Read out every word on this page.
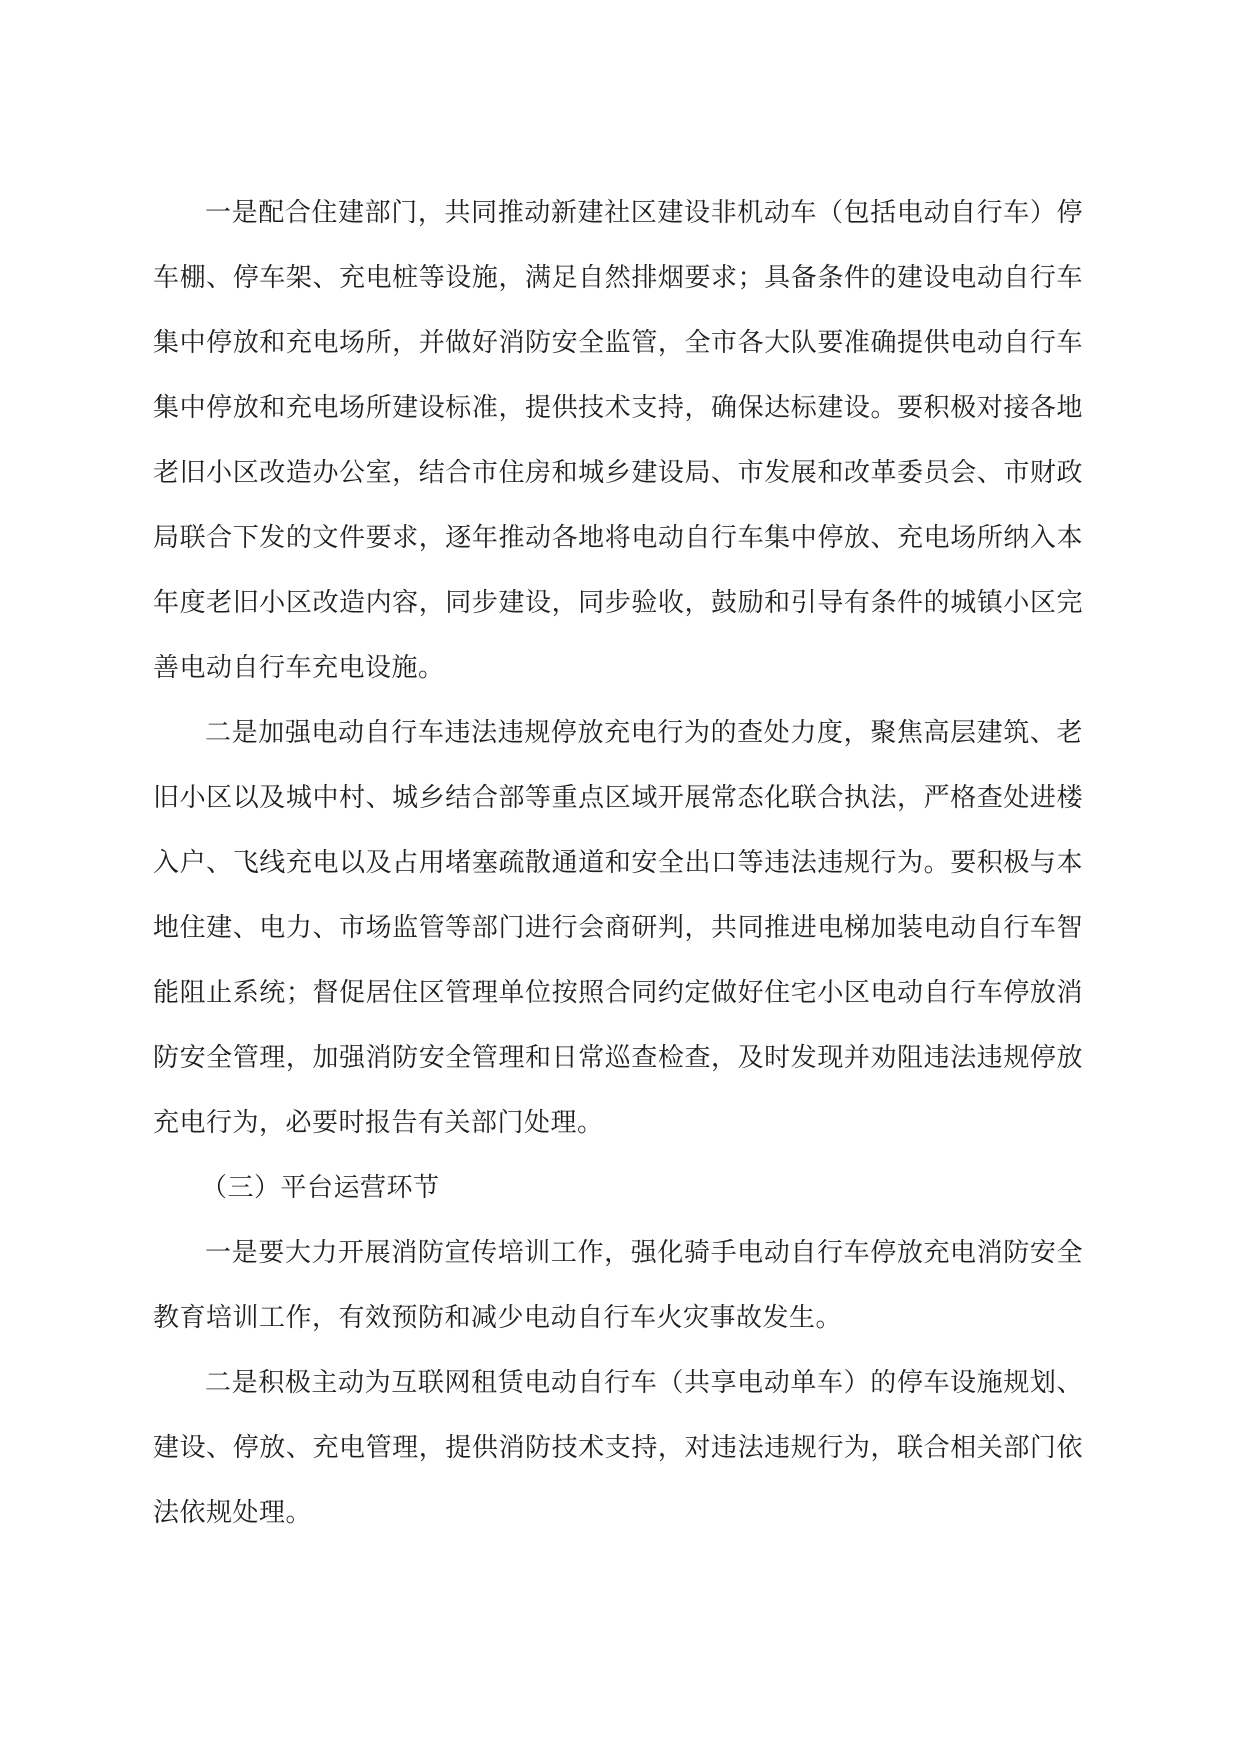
一是配合住建部门，共同推动新建社区建设非机动车（包括电动自行车）停车棚、停车架、充电桩等设施，满足自然排烟要求；具备条件的建设电动自行车集中停放和充电场所，并做好消防安全监管，全市各大队要准确提供电动自行车集中停放和充电场所建设标准，提供技术支持，确保达标建设。要积极对接各地老旧小区改造办公室，结合市住房和城乡建设局、市发展和改革委员会、市财政局联合下发的文件要求，逐年推动各地将电动自行车集中停放、充电场所纳入本年度老旧小区改造内容，同步建设，同步验收，鼓励和引导有条件的城镇小区完善电动自行车充电设施。

二是加强电动自行车违法违规停放充电行为的查处力度，聚焦高层建筑、老旧小区以及城中村、城乡结合部等重点区域开展常态化联合执法，严格查处进楼入户、飞线充电以及占用堵塞疏散通道和安全出口等违法违规行为。要积极与本地住建、电力、市场监管等部门进行会商研判，共同推进电梯加装电动自行车智能阻止系统；督促居住区管理单位按照合同约定做好住宅小区电动自行车停放消防安全管理，加强消防安全管理和日常巡查检查，及时发现并劝阻违法违规停放充电行为，必要时报告有关部门处理。

（三）平台运营环节

一是要大力开展消防宣传培训工作，强化骑手电动自行车停放充电消防安全教育培训工作，有效预防和减少电动自行车火灾事故发生。

二是积极主动为互联网租赁电动自行车（共享电动单车）的停车设施规划、建设、停放、充电管理，提供消防技术支持，对违法违规行为，联合相关部门依法依规处理。
